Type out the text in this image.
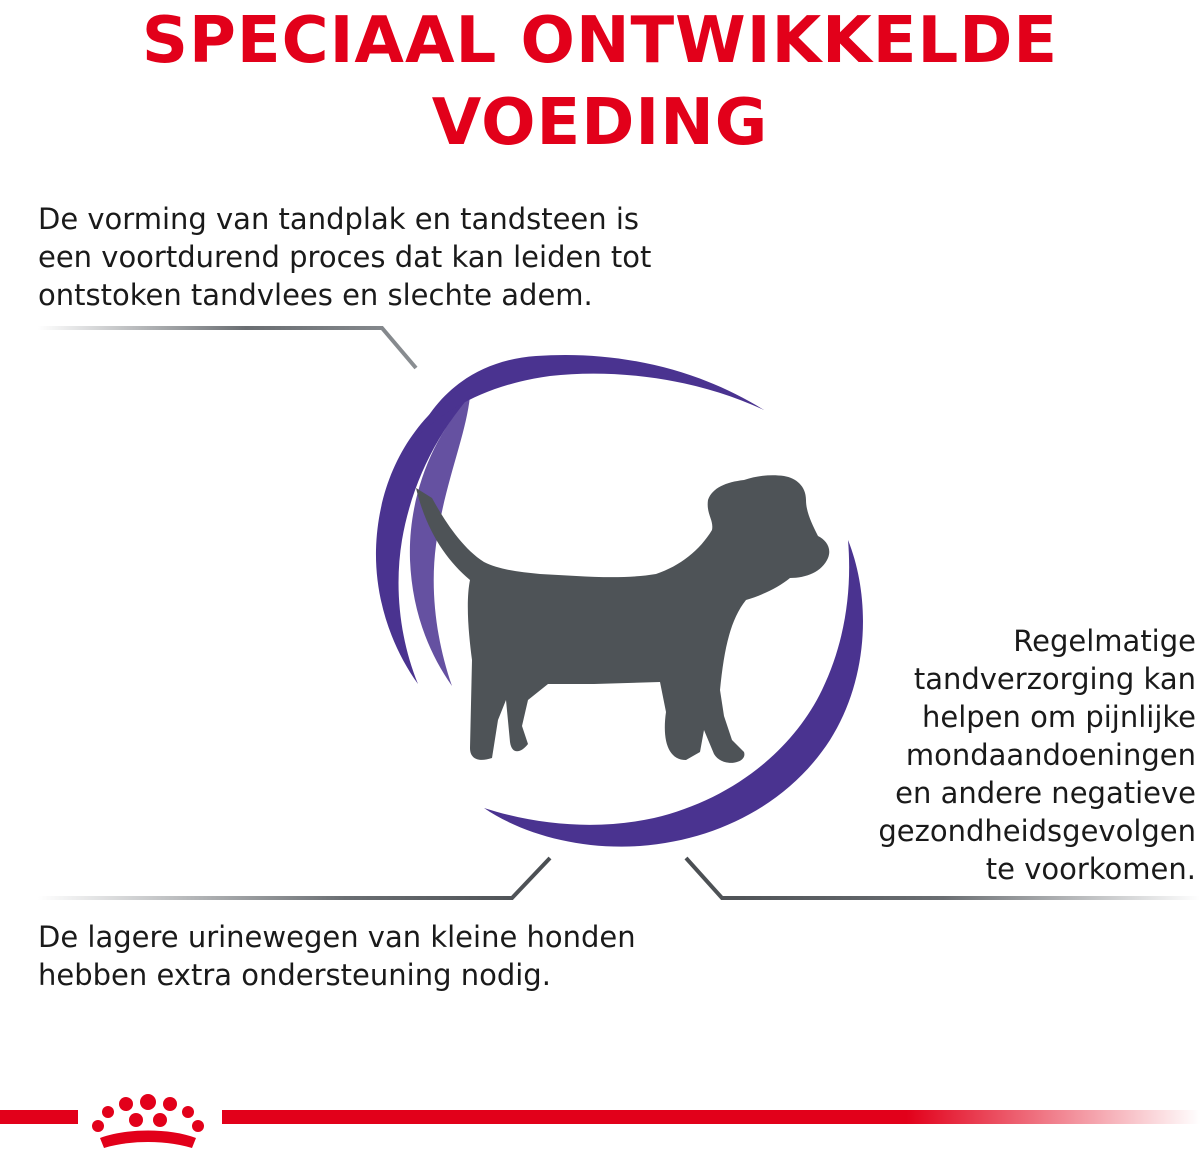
SPECIAAL ONTWIKKELDE
VOEDING

De vorming van tandplak en tandsteen is
een voortdurend proces dat kan leiden tot
ontstoken tandvlees en slechte adem.

Regelmatige
tandverzorging kan
helpen om pijnlijke
mondaandoeningen
en andere negatieve
gezondheidsgevolgen
te voorkomen.

De lagere urinewegen van kleine honden
hebben extra ondersteuning nodig.
